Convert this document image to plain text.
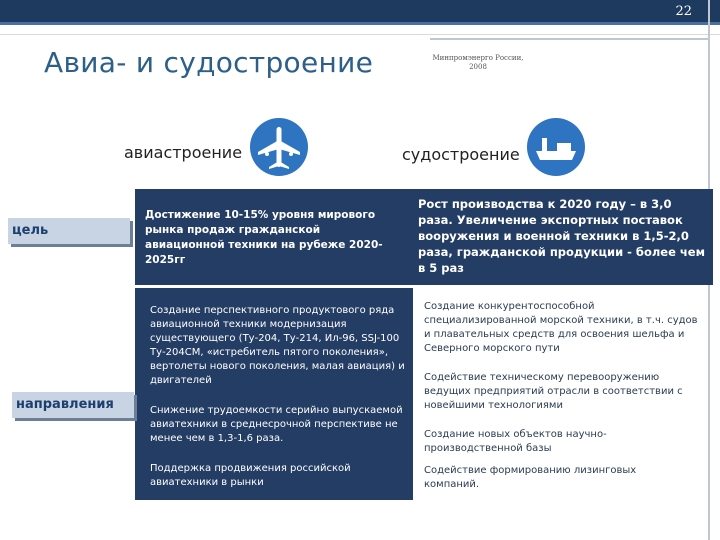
22
Авиа- и судостроение	Минпромэнерго России, 2008
авиастроение	судостроение
цель
Достижение 10-15% уровня мирового рынка продаж гражданской авиационной техники на рубеже 2020-2025гг
Рост производства к 2020 году – в 3,0 раза. Увеличение экспортных поставок вооружения и военной техники в 1,5-2,0 раза, гражданской продукции - более чем в 5 раз
направления
Создание перспективного продуктового ряда авиационной техники модернизация существующего (Ту-204, Ту-214, Ил-96, SSJ-100 Ту-204СМ, «истребитель пятого поколения», вертолеты нового поколения, малая авиация) и двигателей
Снижение трудоемкости серийно выпускаемой авиатехники в среднесрочной перспективе не менее чем в 1,3-1,6 раза.
Поддержка продвижения российской авиатехники в рынки
Создание конкурентоспособной специализированной морской техники, в т.ч. судов и плавательных средств для освоения шельфа и Северного морского пути
Содействие техническому перевооружению ведущих предприятий отрасли в соответствии с новейшими технологиями
Создание новых объектов научно-производственной базы
Содействие формированию лизинговых компаний.
